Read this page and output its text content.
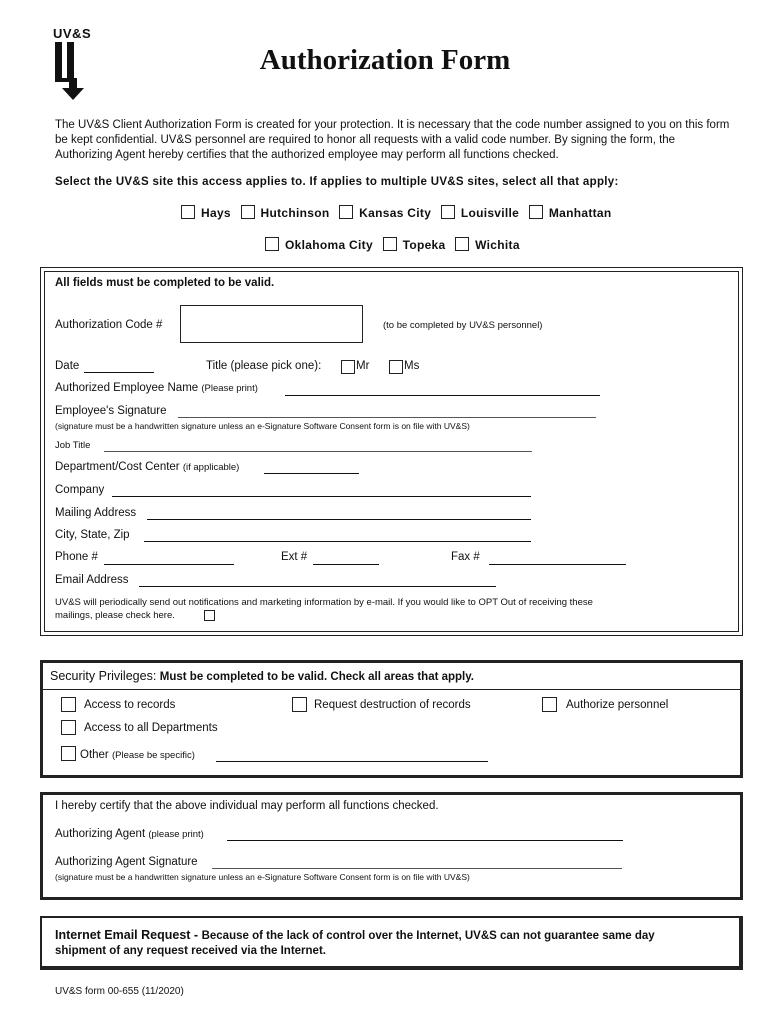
UV&S
Authorization Form
The UV&S Client Authorization Form is created for your protection. It is necessary that the code number assigned to you on this form be kept confidential. UV&S personnel are required to honor all requests with a valid code number. By signing the form, the Authorizing Agent hereby certifies that the authorized employee may perform all functions checked.
Select the UV&S site this access applies to. If applies to multiple UV&S sites, select all that apply:
Hays Hutchinson Kansas City Louisville Manhattan
Oklahoma City Topeka Wichita
All fields must be completed to be valid.
Authorization Code #	(to be completed by UV&S personnel)
Date	Title (please pick one):	Mr	Ms
Authorized Employee Name (Please print)
Employee's Signature
(signature must be a handwritten signature unless an e-Signature Software Consent form is on file with UV&S)
Job Title
Department/Cost Center (if applicable)
Company
Mailing Address
City, State, Zip
Phone #	Ext #	Fax #
Email Address
UV&S will periodically send out notifications and marketing information by e-mail. If you would like to OPT Out of receiving these
mailings, please check here.
Security Privileges: Must be completed to be valid. Check all areas that apply.
Access to records	Request destruction of records	Authorize personnel
Access to all Departments
Other (Please be specific)
I hereby certify that the above individual may perform all functions checked.
Authorizing Agent (please print)
Authorizing Agent Signature
(signature must be a handwritten signature unless an e-Signature Software Consent form is on file with UV&S)
Internet Email Request - Because of the lack of control over the Internet, UV&S can not guarantee same day
shipment of any request received via the Internet.
UV&S form 00-655 (11/2020)
